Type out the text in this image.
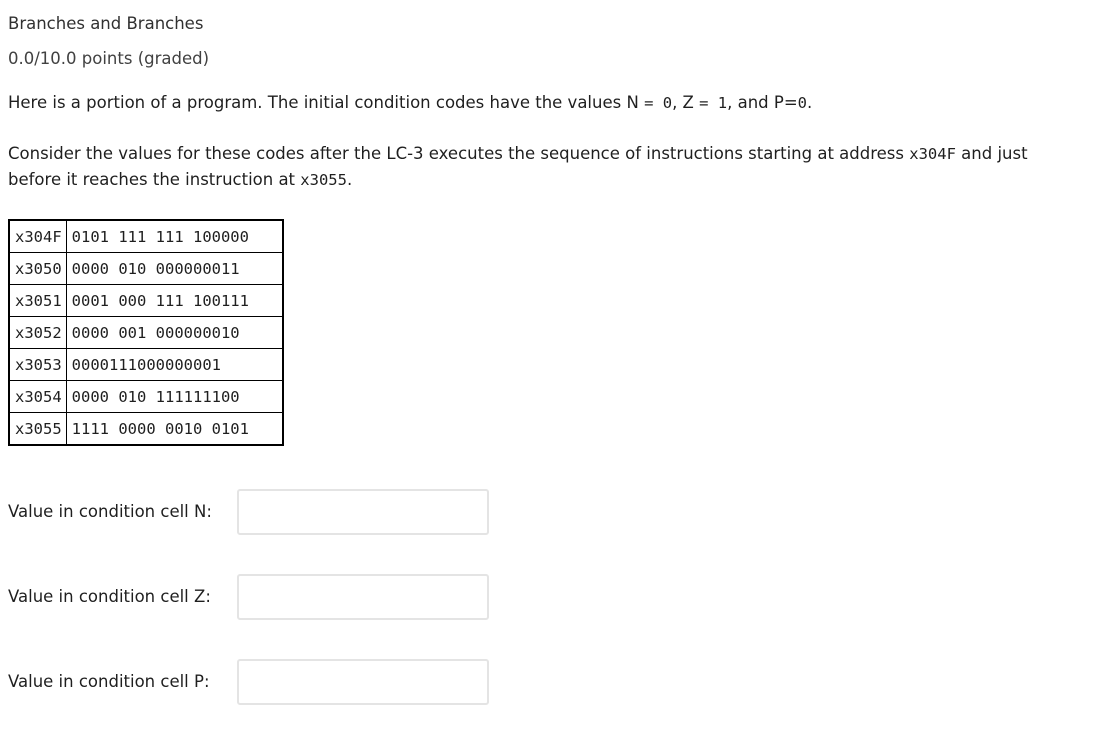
Branches and Branches
0.0/10.0 points (graded)
Here is a portion of a program. The initial condition codes have the values N = 0, Z = 1, and P=0.
Consider the values for these codes after the LC-3 executes the sequence of instructions starting at address x304F and just before it reaches the instruction at x3055.
x304F	0101 111 111 100000
x3050	0000 010 000000011
x3051	0001 000 111 100111
x3052	0000 001 000000010
x3053	0000111000000001
x3054	0000 010 111111100
x3055	1111 0000 0010 0101
Value in condition cell N:
Value in condition cell Z:
Value in condition cell P:
